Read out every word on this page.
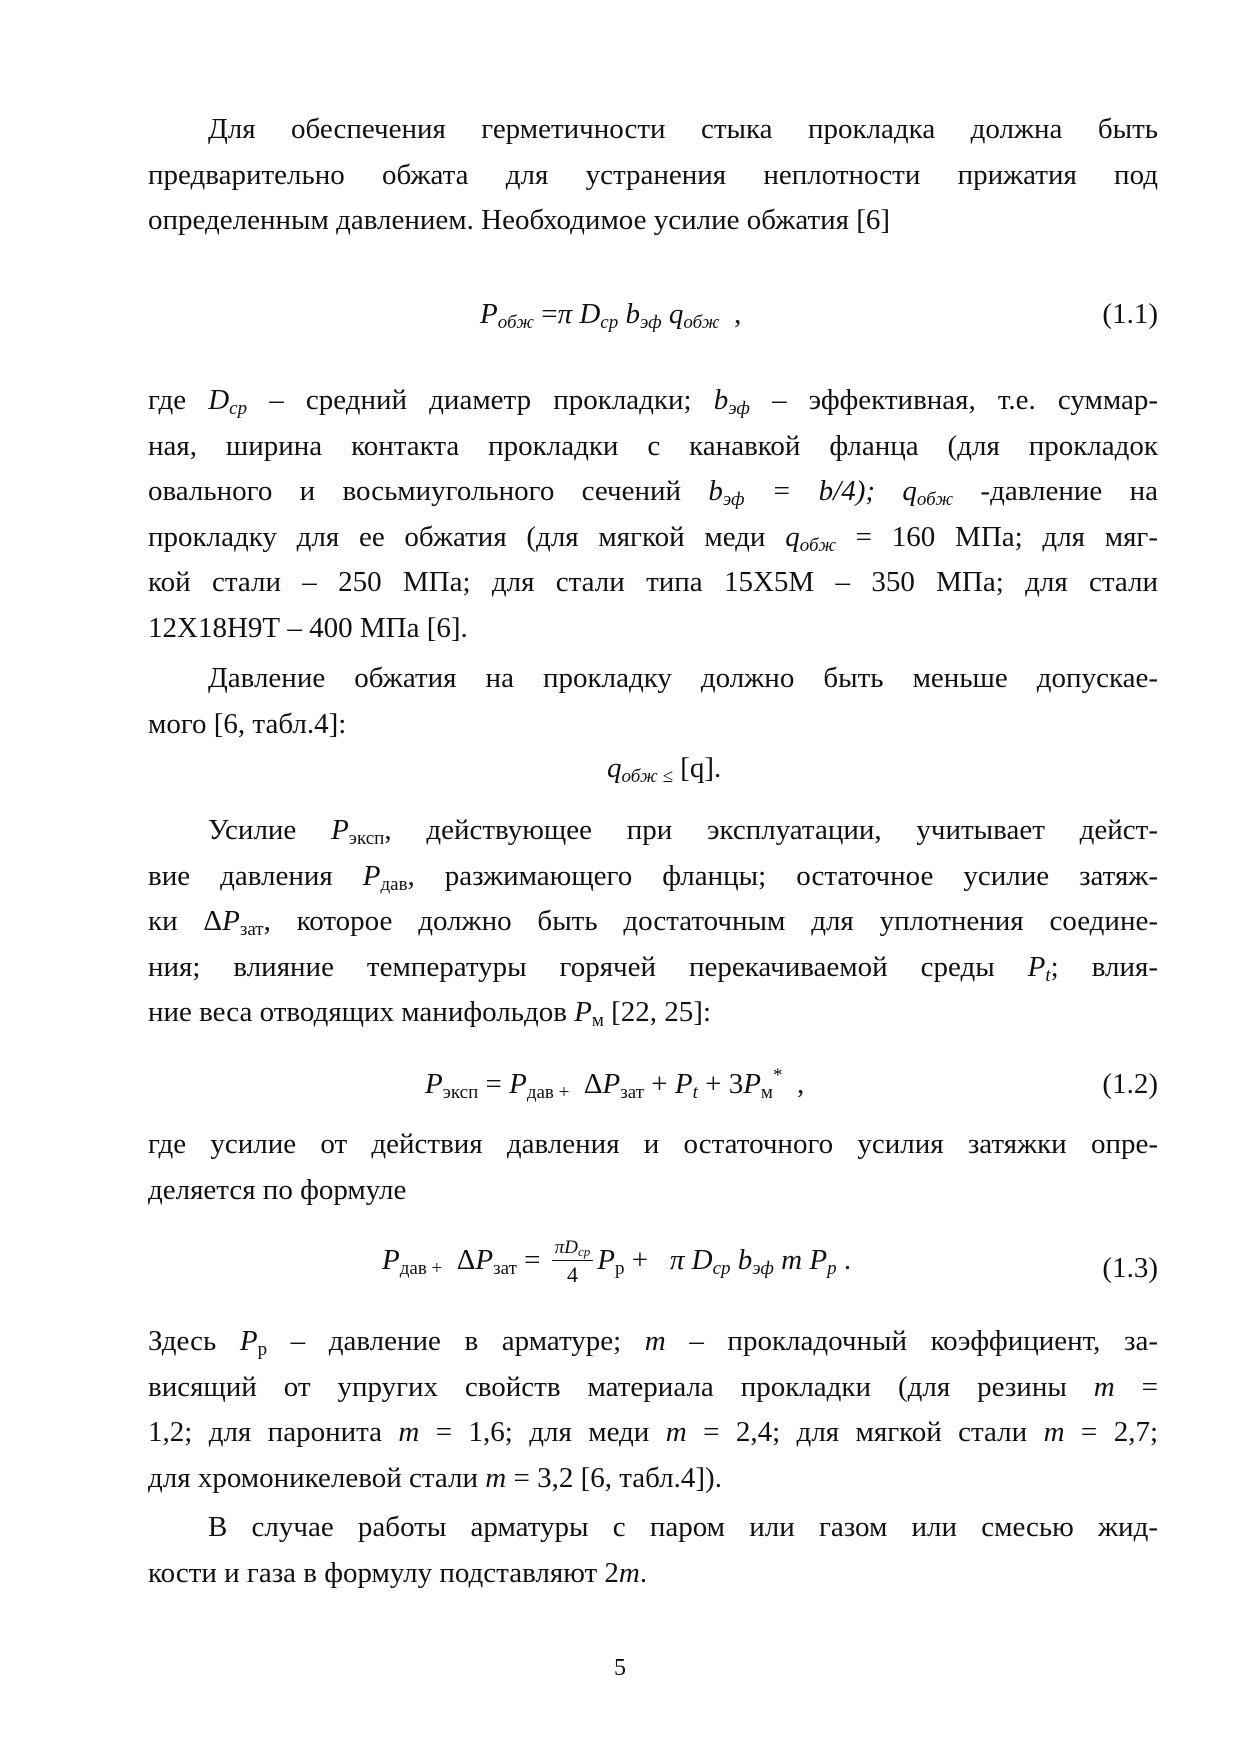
Для обеспечения герметичности стыка прокладка должна быть
предварительно обжата для устранения неплотности прижатия под
определенным давлением. Необходимое усилие обжатия [6]
$P_{обж} =\pi$ $D_{ср}$ $b_{эф}$ $q_{обж}$  ,	(1.1)
где $D_{ср}$ – средний диаметр прокладки; $b_{эф}$ – эффективная, т.е. суммар-
ная, ширина контакта прокладки с канавкой фланца (для прокладок
овального и восьмиугольного сечений $b_{эф} = b/4$); $q_{обж}$ -давление на
прокладку для ее обжатия (для мягкой меди $q_{обж} = 160$ МПа; для мяг-
кой стали – 250 МПа; для стали типа 15Х5М – 350 МПа; для стали
12Х18Н9Т – 400 МПа [6].
Давление обжатия на прокладку должно быть меньше допускае-
мого [6, табл.4]:
$q_{обж \le}$ [q].
Усилие $P_{эксп}$, действующее при эксплуатации, учитывает дейст-
вие давления $P_{дав}$, разжимающего фланцы; остаточное усилие затяж-
ки $\Delta P_{зат}$, которое должно быть достаточным для уплотнения соедине-
ния; влияние температуры горячей перекачиваемой среды $P_t$; влия-
ние веса отводящих манифольдов $P_м$ [22, 25]:
$P_{эксп} = P_{дав +}$  $\Delta P_{зат} + P_t + 3P_м^*$  ,	(1.2)
где усилие от действия давления и остаточного усилия затяжки опре-
деляется по формуле
$P_{дав +}$  $\Delta P_{зат} = \frac{\pi D_{ср}}{4} P_р + \pi$ $D_{ср}$ $b_{эф}$ m $P_р$ .	(1.3)
Здесь $P_р$ – давление в арматуре; m – прокладочный коэффициент, за-
висящий от упругих свойств материала прокладки (для резины m =
1,2; для паронита m = 1,6; для меди m = 2,4; для мягкой стали m = 2,7;
для хромоникелевой стали m = 3,2 [6, табл.4]).
В случае работы арматуры с паром или газом или смесью жид-
кости и газа в формулу подставляют 2m.
5
